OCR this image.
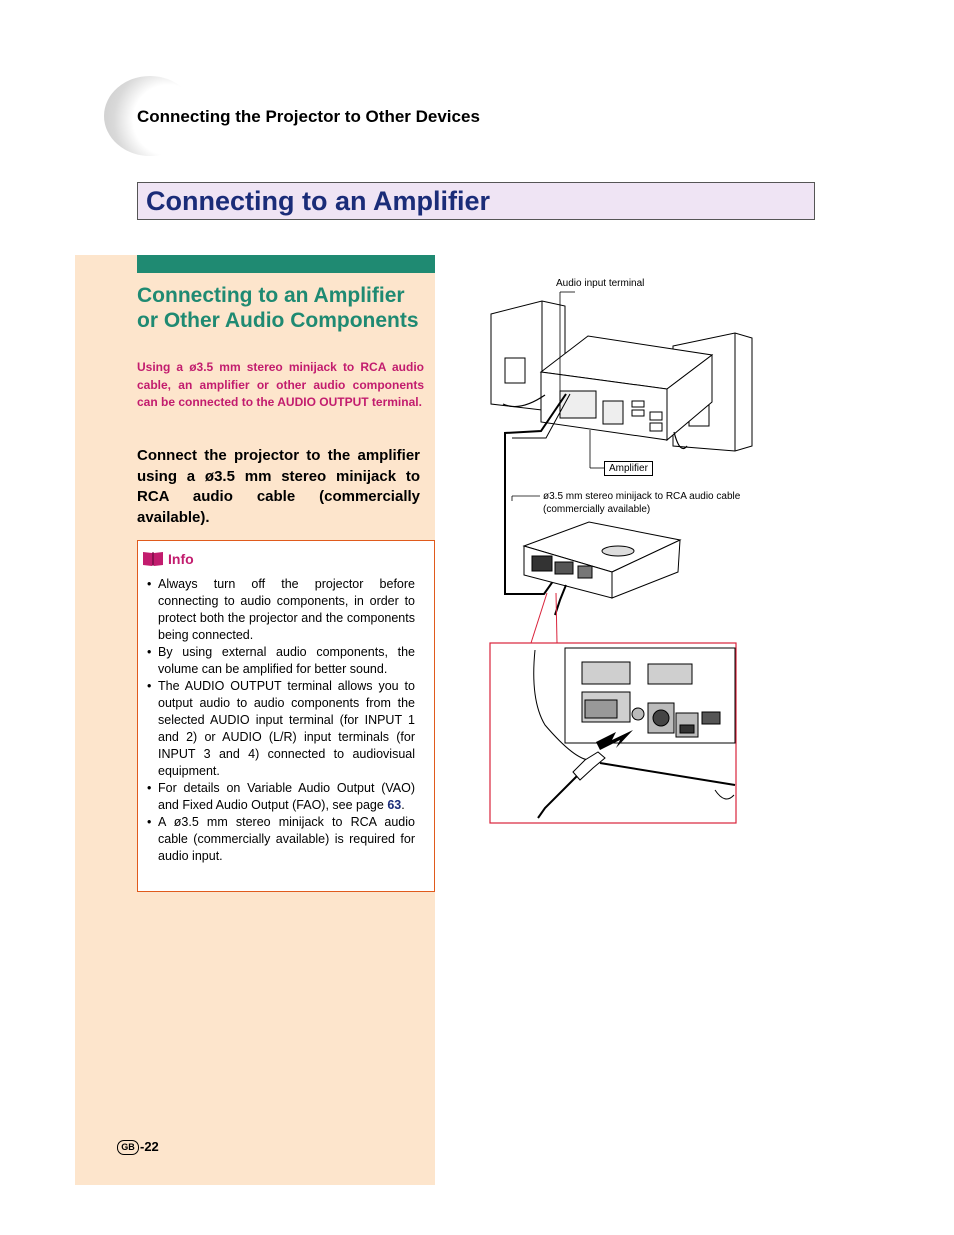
Connecting the Projector to Other Devices
Connecting to an Amplifier
Connecting to an Amplifier or Other Audio Components
Using a ø3.5 mm stereo minijack to RCA audio cable, an amplifier or other audio components can be connected to the AUDIO OUTPUT terminal.
Connect the projector to the amplifier using a ø3.5 mm stereo minijack to RCA audio cable (commercially available).
Info
• Always turn off the projector before connecting to audio components, in order to protect both the projector and the components being connected.
• By using external audio components, the volume can be amplified for better sound.
• The AUDIO OUTPUT terminal allows you to output audio to audio components from the selected AUDIO input terminal (for INPUT 1 and 2) or AUDIO (L/R) input terminals (for INPUT 3 and 4) connected to audiovisual equipment.
• For details on Variable Audio Output (VAO) and Fixed Audio Output (FAO), see page 63.
• A ø3.5 mm stereo minijack to RCA audio cable (commercially available) is required for audio input.
GB -22
Audio input terminal
Amplifier
ø3.5 mm stereo minijack to RCA audio cable
(commercially available)
